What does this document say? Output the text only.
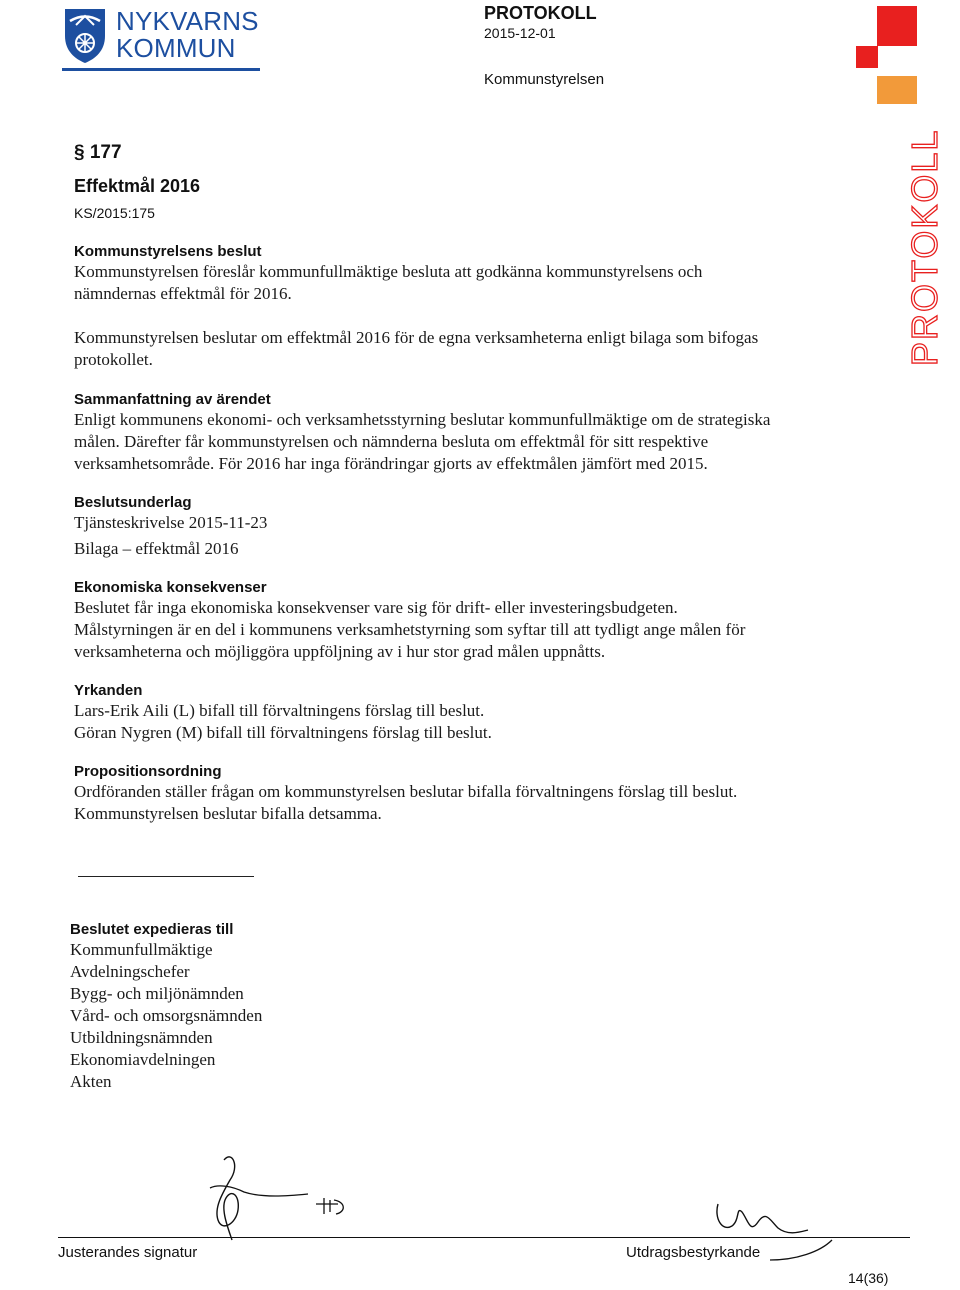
NYKVARNS
KOMMUN
PROTOKOLL
2015-12-01
Kommunstyrelsen
PROTOKOLL
§ 177
Effektmål 2016
KS/2015:175
Kommunstyrelsens beslut

Kommunstyrelsen föreslår kommunfullmäktige besluta att godkänna kommunstyrelsens och nämndernas effektmål för 2016.

Kommunstyrelsen beslutar om effektmål 2016 för de egna verksamheterna enligt bilaga som bifogas protokollet.

Sammanfattning av ärendet

Enligt kommunens ekonomi- och verksamhetsstyrning beslutar kommunfullmäktige om de strategiska målen. Därefter får kommunstyrelsen och nämnderna besluta om effektmål för sitt respektive verksamhetsområde. För 2016 har inga förändringar gjorts av effektmålen jämfört med 2015.

Beslutsunderlag

Tjänsteskrivelse 2015-11-23

Bilaga – effektmål 2016

Ekonomiska konsekvenser

Beslutet får inga ekonomiska konsekvenser vare sig för drift- eller investeringsbudgeten. Målstyrningen är en del i kommunens verksamhetstyrning som syftar till att tydligt ange målen för verksamheterna och möjliggöra uppföljning av i hur stor grad målen uppnåtts.

Yrkanden

Lars-Erik Aili (L) bifall till förvaltningens förslag till beslut.

Göran Nygren (M) bifall till förvaltningens förslag till beslut.

Propositionsordning

Ordföranden ställer frågan om kommunstyrelsen beslutar bifalla förvaltningens förslag till beslut. Kommunstyrelsen beslutar bifalla detsamma.

Beslutet expedieras till

Kommunfullmäktige

Avdelningschefer

Bygg- och miljönämnden

Vård- och omsorgsnämnden

Utbildningsnämnden

Ekonomiavdelningen

Akten

Justerandes signatur	Utdragsbestyrkande
14(36)
